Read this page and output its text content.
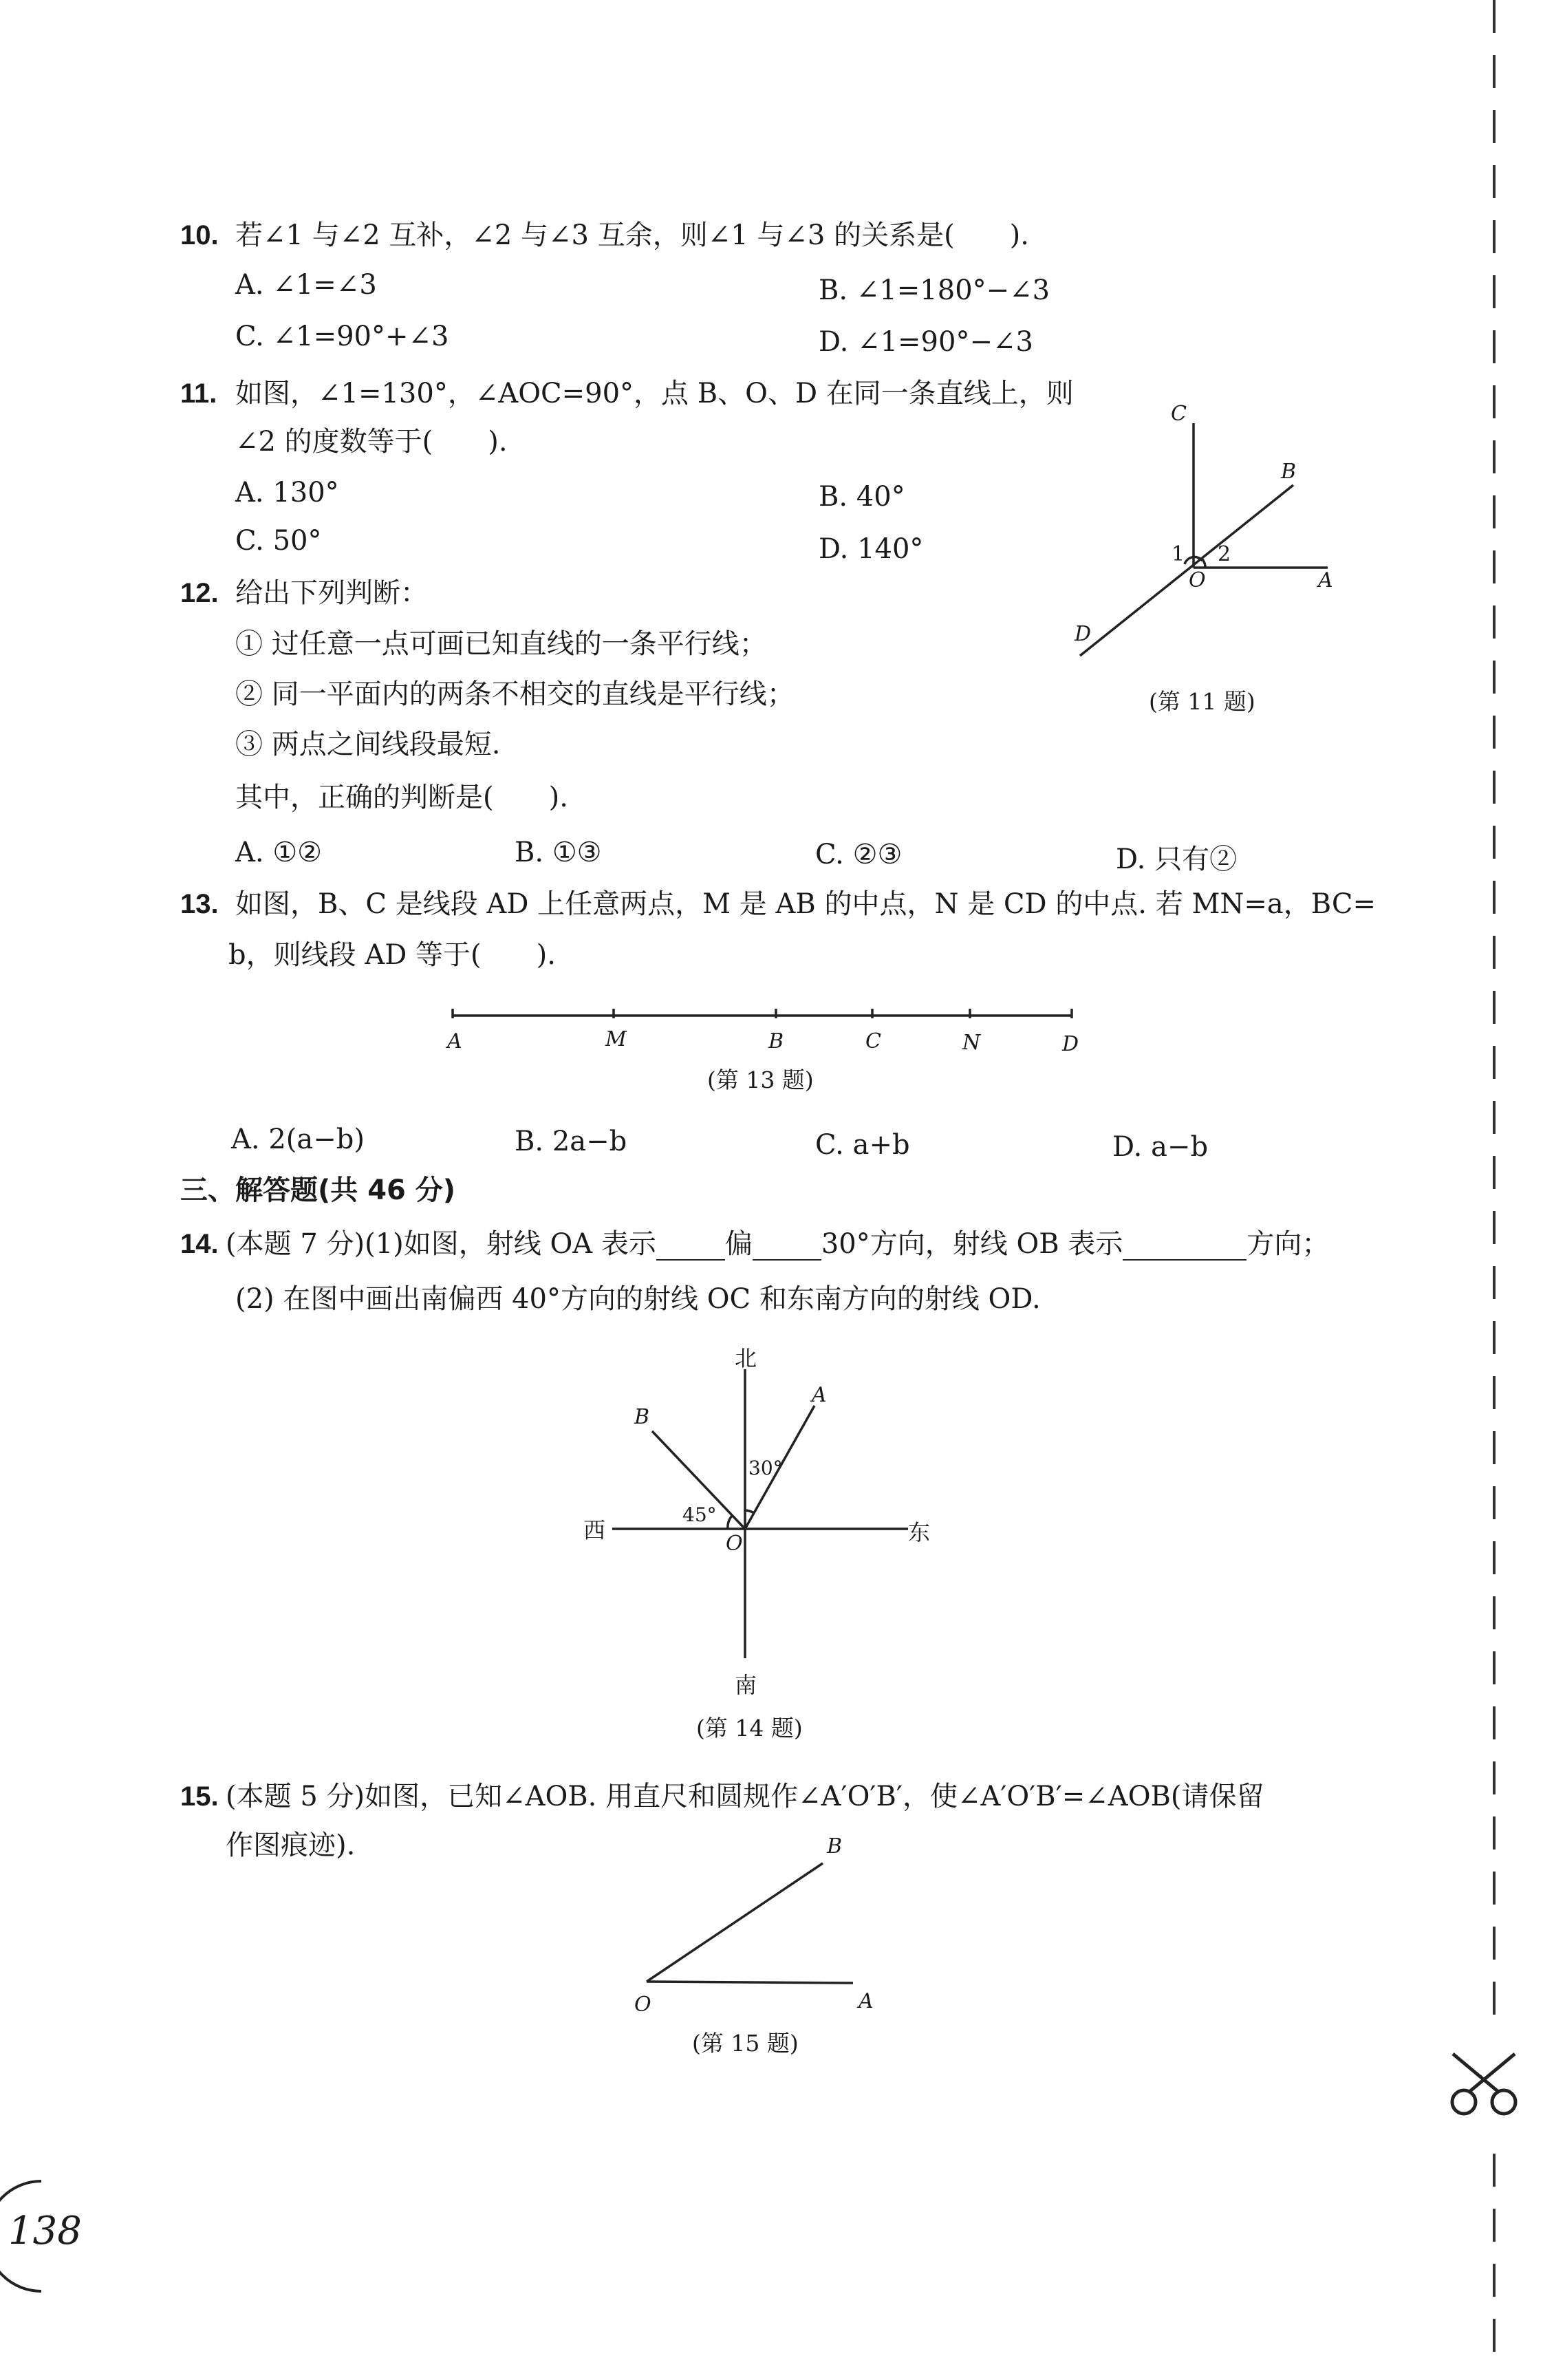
138
10. 若∠1 与∠2 互补，∠2 与∠3 互余，则∠1 与∠3 的关系是(　　).
A. ∠1=∠3	B. ∠1=180°−∠3
C. ∠1=90°+∠3	D. ∠1=90°−∠3
11. 如图，∠1=130°，∠AOC=90°，点 B、O、D 在同一条直线上，则
∠2 的度数等于(　　).
A. 130°	B. 40°
C. 50°	D. 140°
C
B
A
O
D
1 2
(第 11 题)
12. 给出下列判断：
① 过任意一点可画已知直线的一条平行线；
② 同一平面内的两条不相交的直线是平行线；
③ 两点之间线段最短.
其中，正确的判断是(　　).
A. ①②	B. ①③	C. ②③	D. 只有②
13. 如图，B、C 是线段 AD 上任意两点，M 是 AB 的中点，N 是 CD 的中点. 若 MN=a，BC=
b，则线段 AD 等于(　　).
A	M	B	C	N	D
(第 13 题)
A. 2(a−b)	B. 2a−b	C. a+b	D. a−b
三、解答题(共 46 分)
14. (本题 7 分)(1)如图，射线 OA 表示	偏	30°方向，射线 OB 表示	方向；
(2) 在图中画出南偏西 40°方向的射线 OC 和东南方向的射线 OD.
北
南
西	东
A
B
O
30°
45°
(第 14 题)
15. (本题 5 分)如图，已知∠AOB. 用直尺和圆规作∠A′O′B′，使∠A′O′B′=∠AOB(请保留
作图痕迹).	B
O	A
(第 15 题)
